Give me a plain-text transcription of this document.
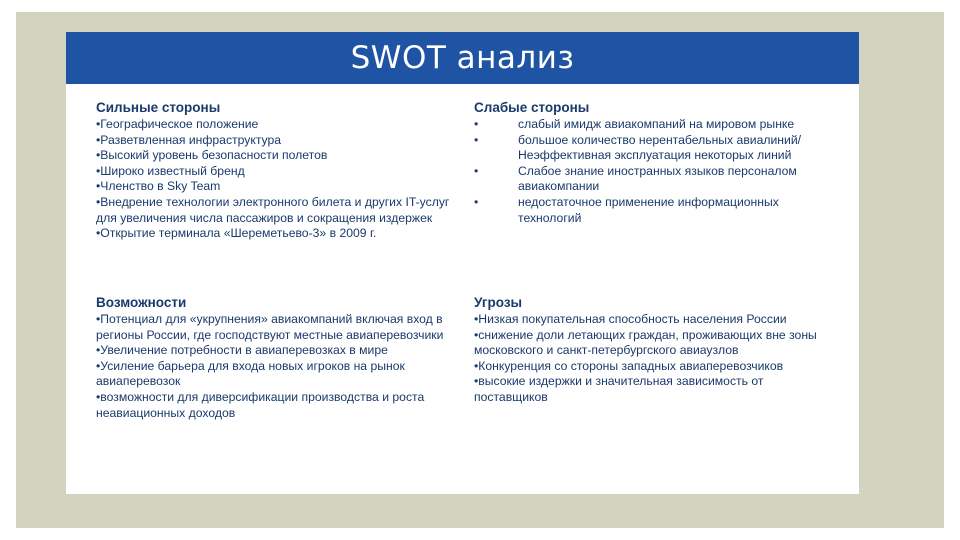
SWOT анализ
Сильные стороны
•Географическое положение
•Разветвленная инфраструктура
•Высокий уровень безопасности полетов
•Широко известный бренд
•Членство в Sky Team
•Внедрение технологии электронного билета и других IT-услуг для увеличения числа пассажиров и сокращения издержек
•Открытие терминала «Шереметьево-3» в 2009 г.
Слабые стороны
•	слабый имидж авиакомпаний на мировом рынке
•	большое количество нерентабельных авиалиний/Неэффективная эксплуатация некоторых линий
•	Слабое знание иностранных языков персоналом авиакомпании
•	недостаточное применение информационных технологий
Возможности
•Потенциал для «укрупнения» авиакомпаний включая вход в регионы России, где господствуют местные авиаперевозчики
•Увеличение потребности в авиаперевозках в мире
•Усиление барьера для входа новых игроков на рынок авиаперевозок
•возможности для диверсификации производства и роста неавиационных доходов
Угрозы
•Низкая покупательная способность населения России
•снижение доли летающих граждан, проживающих вне зоны московского и санкт-петербургского авиаузлов
•Конкуренция со стороны западных авиаперевозчиков
•высокие издержки и значительная зависимость от поставщиков
